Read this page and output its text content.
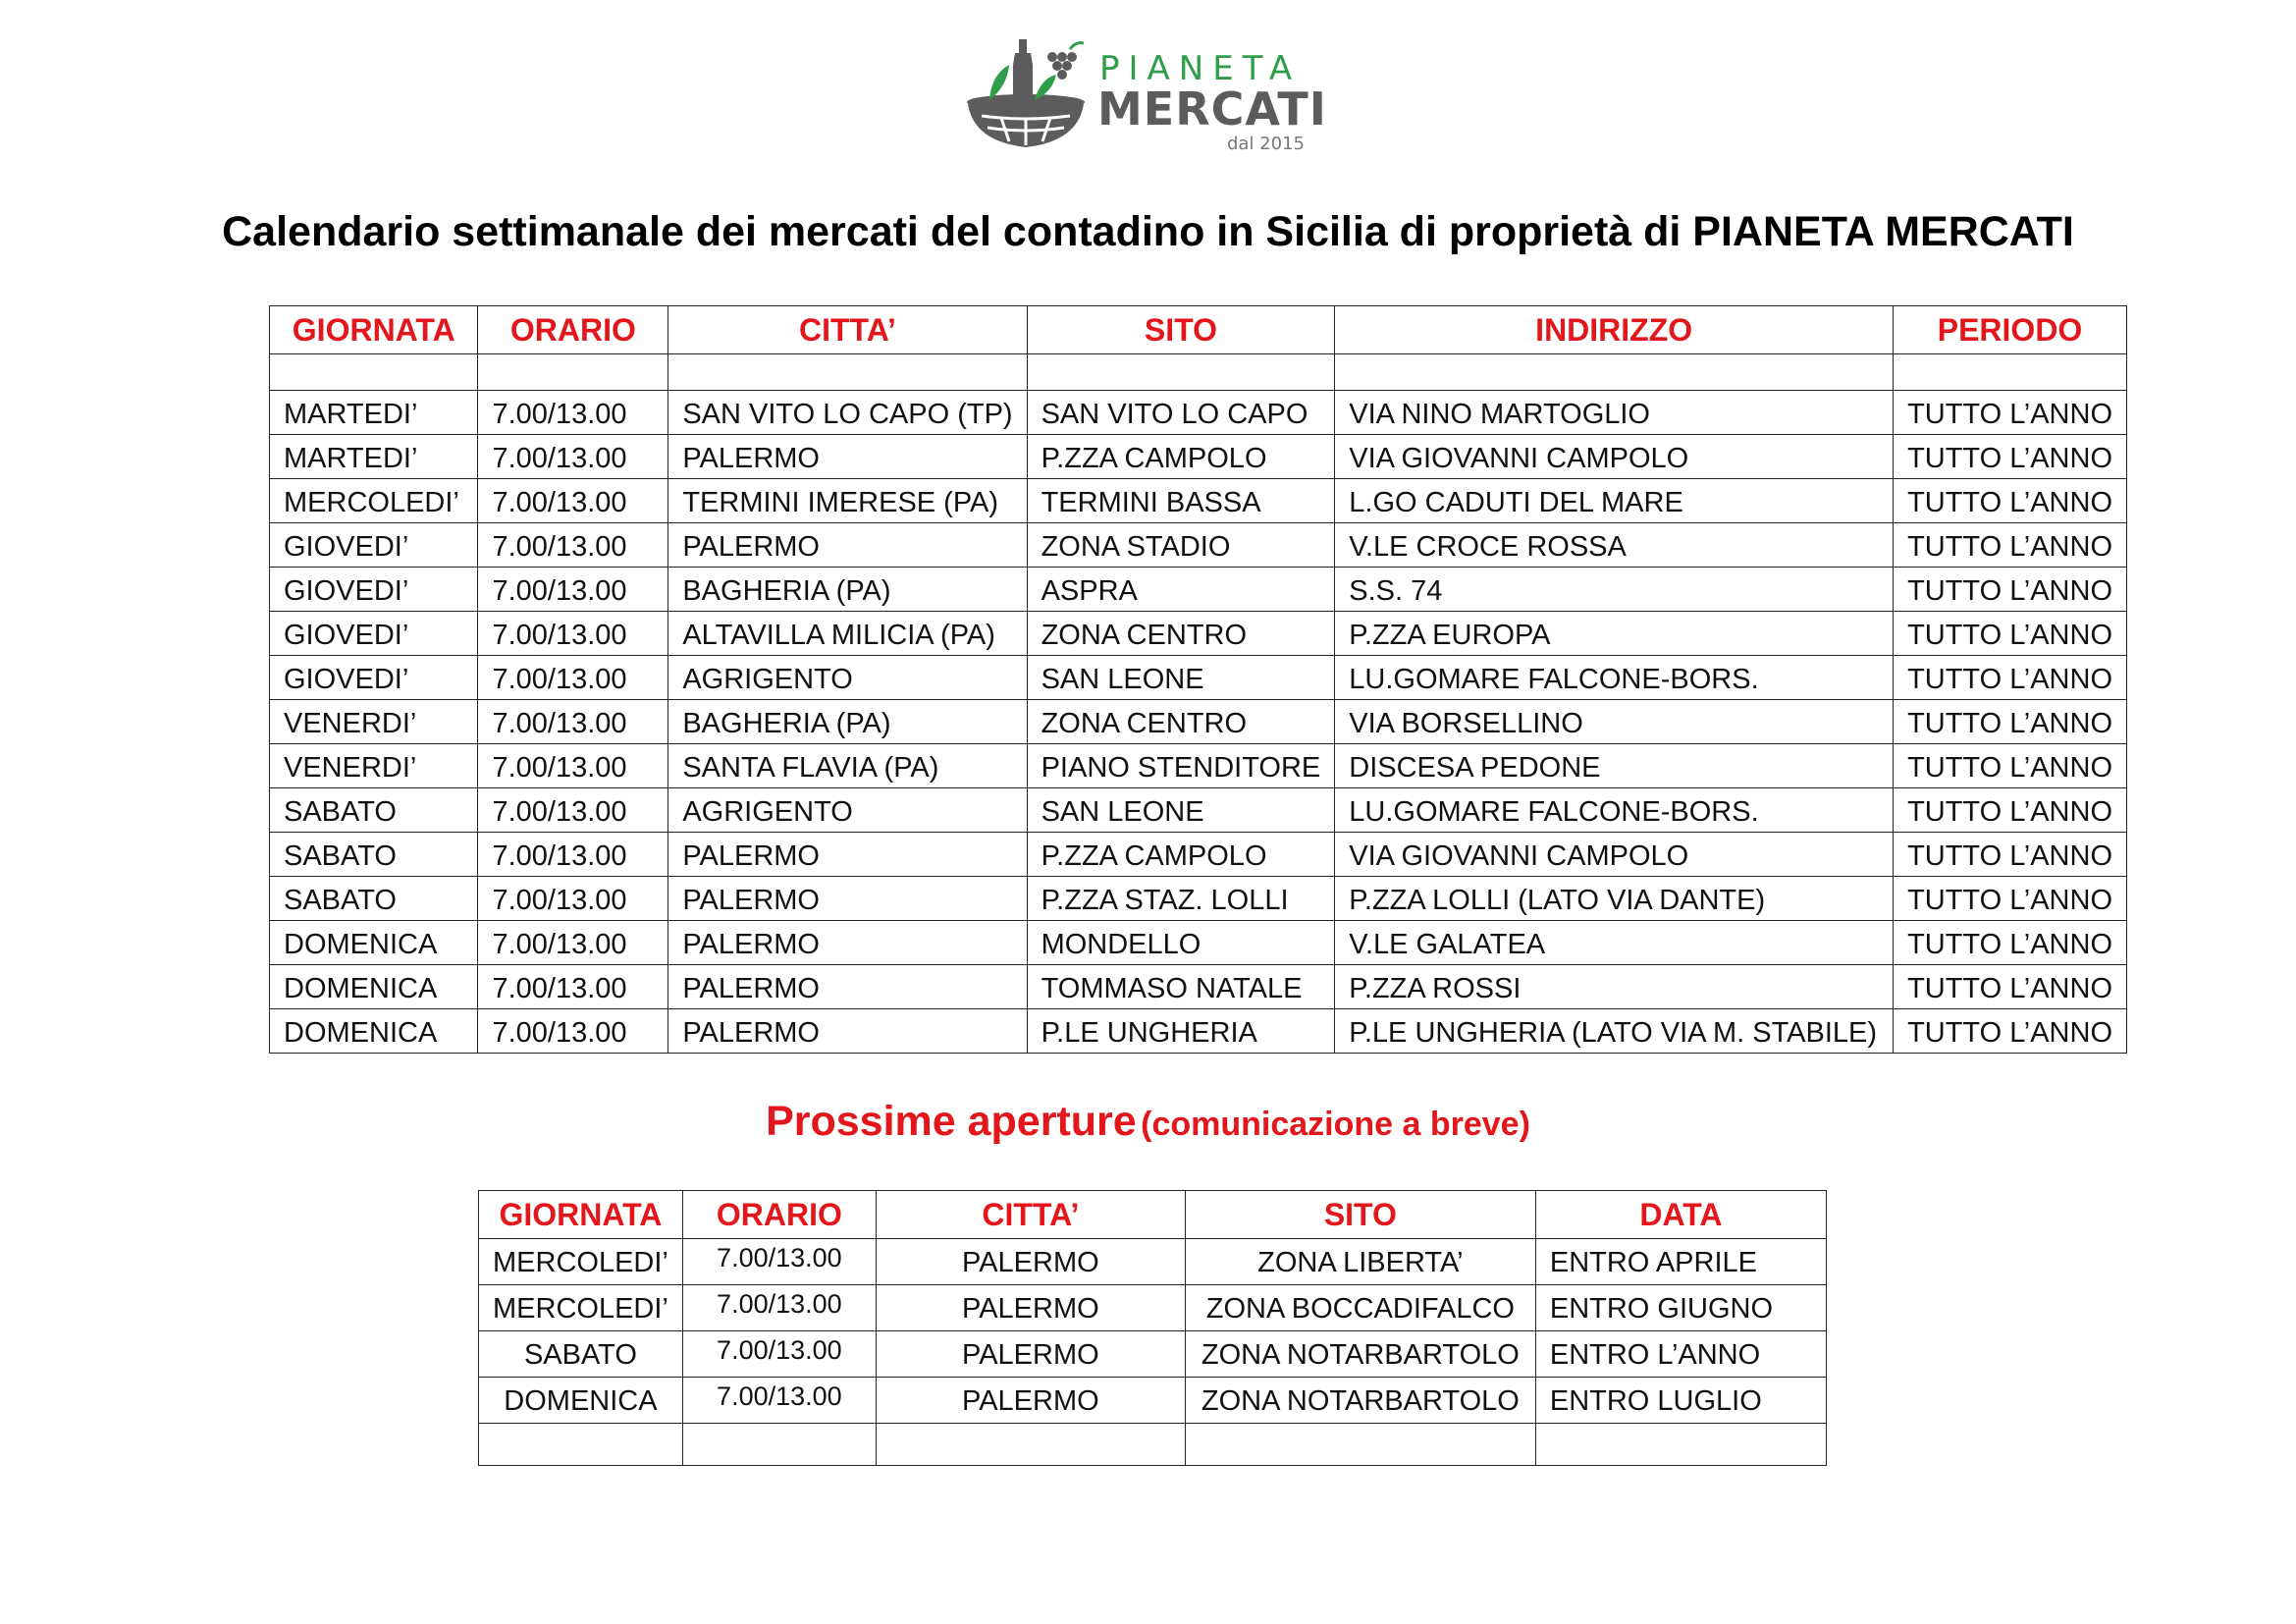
PIANETA
MERCATI
dal 2015
Calendario settimanale dei mercati del contadino in Sicilia di proprietà di PIANETA MERCATI
GIORNATA	ORARIO	CITTA’	SITO	INDIRIZZO	PERIODO

MARTEDI’	7.00/13.00	SAN VITO LO CAPO (TP)	SAN VITO LO CAPO	VIA NINO MARTOGLIO	TUTTO L’ANNO
MARTEDI’	7.00/13.00	PALERMO	P.ZZA CAMPOLO	VIA GIOVANNI CAMPOLO	TUTTO L’ANNO
MERCOLEDI’	7.00/13.00	TERMINI IMERESE (PA)	TERMINI BASSA	L.GO CADUTI DEL MARE	TUTTO L’ANNO
GIOVEDI’	7.00/13.00	PALERMO	ZONA STADIO	V.LE CROCE ROSSA	TUTTO L’ANNO
GIOVEDI’	7.00/13.00	BAGHERIA (PA)	ASPRA	S.S. 74	TUTTO L’ANNO
GIOVEDI’	7.00/13.00	ALTAVILLA MILICIA (PA)	ZONA CENTRO	P.ZZA EUROPA	TUTTO L’ANNO
GIOVEDI’	7.00/13.00	AGRIGENTO	SAN LEONE	LU.GOMARE FALCONE-BORS.	TUTTO L’ANNO
VENERDI’	7.00/13.00	BAGHERIA (PA)	ZONA CENTRO	VIA BORSELLINO	TUTTO L’ANNO
VENERDI’	7.00/13.00	SANTA FLAVIA (PA)	PIANO STENDITORE	DISCESA PEDONE	TUTTO L’ANNO
SABATO	7.00/13.00	AGRIGENTO	SAN LEONE	LU.GOMARE FALCONE-BORS.	TUTTO L’ANNO
SABATO	7.00/13.00	PALERMO	P.ZZA CAMPOLO	VIA GIOVANNI CAMPOLO	TUTTO L’ANNO
SABATO	7.00/13.00	PALERMO	P.ZZA STAZ. LOLLI	P.ZZA LOLLI (LATO VIA DANTE)	TUTTO L’ANNO
DOMENICA	7.00/13.00	PALERMO	MONDELLO	V.LE GALATEA	TUTTO L’ANNO
DOMENICA	7.00/13.00	PALERMO	TOMMASO NATALE	P.ZZA ROSSI	TUTTO L’ANNO
DOMENICA	7.00/13.00	PALERMO	P.LE UNGHERIA	P.LE UNGHERIA (LATO VIA M. STABILE)	TUTTO L’ANNO
Prossime aperture (comunicazione a breve)
GIORNATA	ORARIO	CITTA’	SITO	DATA
MERCOLEDI’	7.00/13.00	PALERMO	ZONA LIBERTA’	ENTRO APRILE
MERCOLEDI’	7.00/13.00	PALERMO	ZONA BOCCADIFALCO	ENTRO GIUGNO
SABATO	7.00/13.00	PALERMO	ZONA NOTARBARTOLO	ENTRO L’ANNO
DOMENICA	7.00/13.00	PALERMO	ZONA NOTARBARTOLO	ENTRO LUGLIO
